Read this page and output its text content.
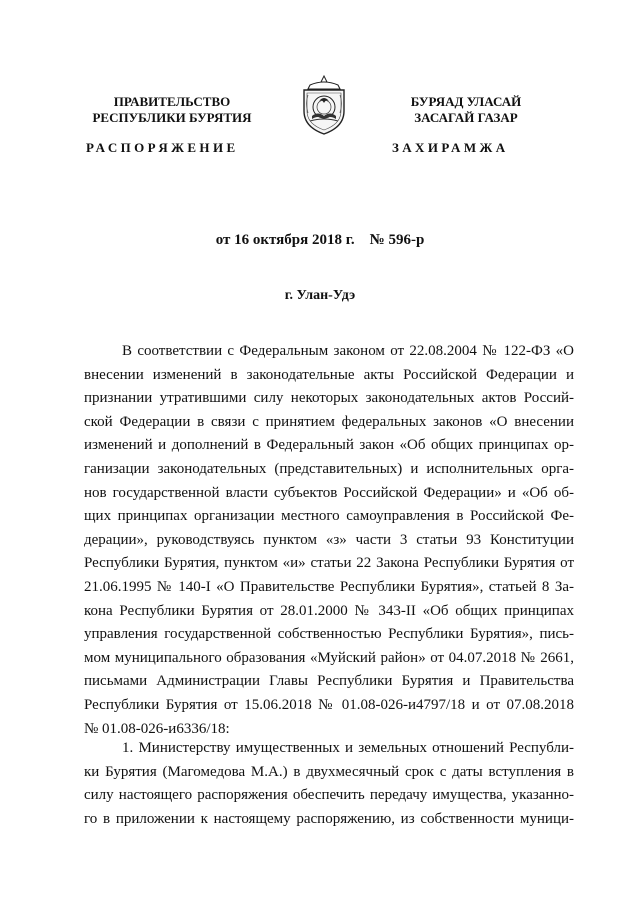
ПРАВИТЕЛЬСТВО
РЕСПУБЛИКИ БУРЯТИЯ
БУРЯАД УЛАСАЙ
ЗАСАГАЙ ГАЗАР
РАСПОРЯЖЕНИЕ	ЗАХИРАМЖА
от 16 октября 2018 г.    № 596-р
г. Улан-Удэ
В соответствии с Федеральным законом от 22.08.2004 № 122-ФЗ «О
внесении изменений в законодательные акты Российской Федерации и
признании утратившими силу некоторых законодательных актов Россий-
ской Федерации в связи с принятием федеральных законов «О внесении
изменений и дополнений в Федеральный закон «Об общих принципах ор-
ганизации законодательных (представительных) и исполнительных орга-
нов государственной власти субъектов Российской Федерации» и «Об об-
щих принципах организации местного самоуправления в Российской Фе-
дерации», руководствуясь пунктом «з» части 3 статьи 93 Конституции
Республики Бурятия, пунктом «и» статьи 22 Закона Республики Бурятия от
21.06.1995 № 140-I «О Правительстве Республики Бурятия», статьей 8 За-
кона Республики Бурятия от 28.01.2000 № 343-II «Об общих принципах
управления государственной собственностью Республики Бурятия», пись-
мом муниципального образования «Муйский район» от 04.07.2018 № 2661,
письмами Администрации Главы Республики Бурятия и Правительства
Республики Бурятия от 15.06.2018 № 01.08-026-и4797/18 и от 07.08.2018
№ 01.08-026-и6336/18:
1. Министерству имущественных и земельных отношений Республи-
ки Бурятия (Магомедова М.А.) в двухмесячный срок с даты вступления в
силу настоящего распоряжения обеспечить передачу имущества, указанно-
го в приложении к настоящему распоряжению, из собственности муници-
